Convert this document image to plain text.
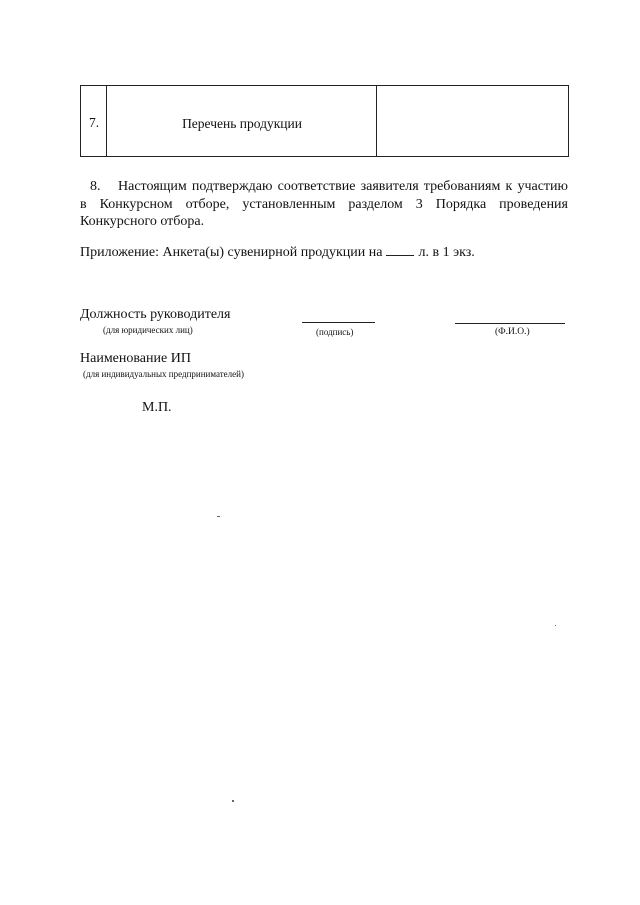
7.	Перечень продукции
8. Настоящим подтверждаю соответствие заявителя требованиям к участию в Конкурсном отборе, установленным разделом 3 Порядка проведения Конкурсного отбора.
Приложение: Анкета(ы) сувенирной продукции на	л. в 1 экз.
Должность руководителя
(для юридических лиц)	(подпись)	(Ф.И.О.)
Наименование ИП
(для индивидуальных предпринимателей)
М.П.
